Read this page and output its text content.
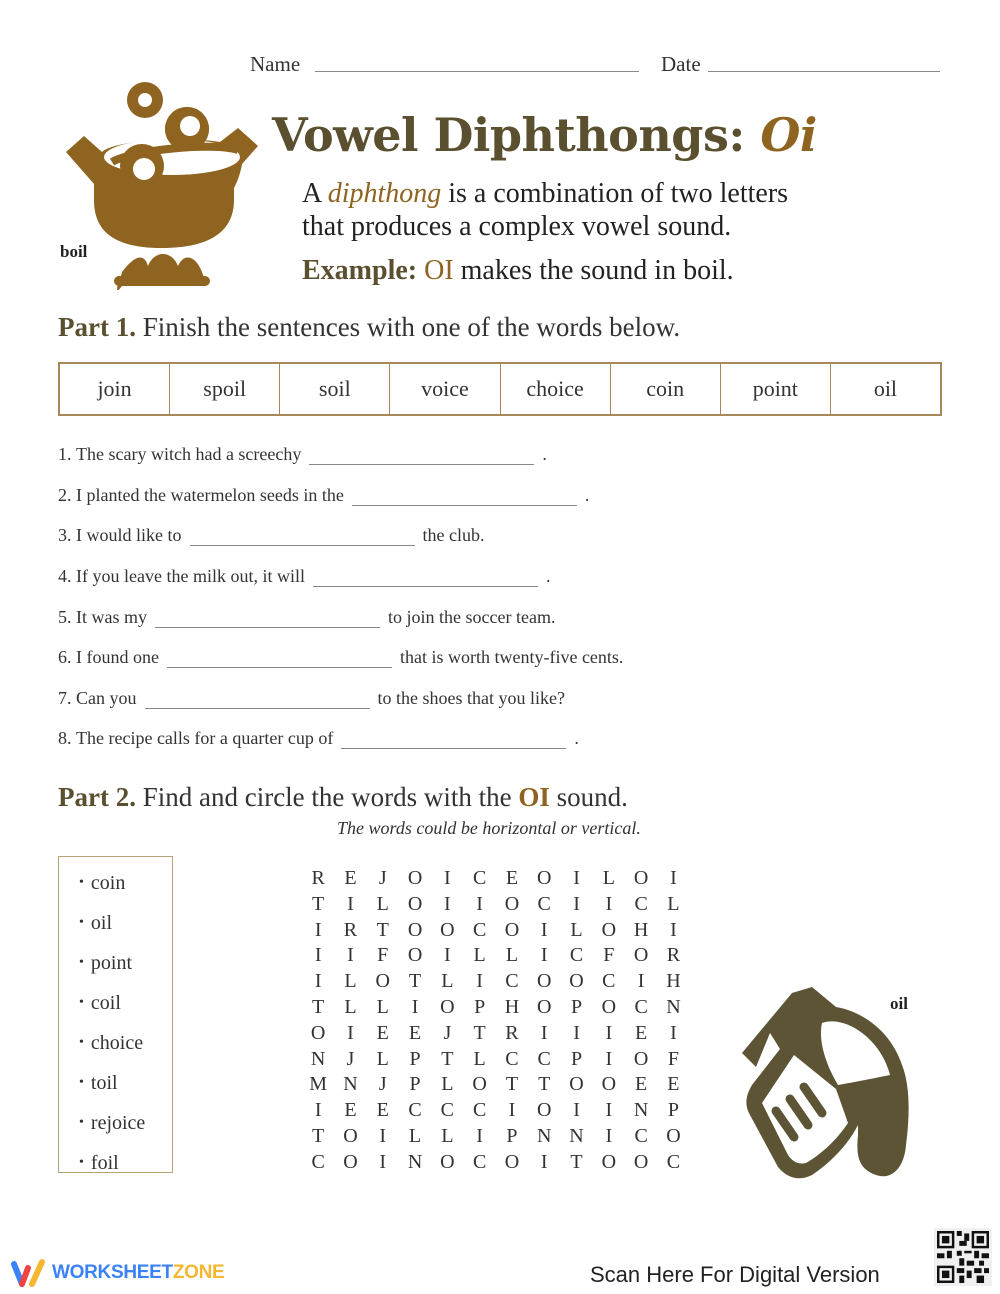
Name	Date
boil
Vowel Diphthongs: Oi
A diphthong is a combination of two letters
that produces a complex vowel sound.
Example: OI makes the sound in boil.
Part 1. Finish the sentences with one of the words below.
join	spoil	soil	voice	choice	coin	point	oil
1.
The scary witch had a screechy	.
2.
I planted the watermelon seeds in the	.
3.
I would like to	the club.
4.
If you leave the milk out, it will	.
5.
It was my	to join the soccer team.
6.
I found one	that is worth twenty-five cents.
7.
Can you	to the shoes that you like?
8.
The recipe calls for a quarter cup of	.
Part 2. Find and circle the words with the OI sound.
The words could be horizontal or vertical.
• coin
• oil
• point
• coil
• choice
• toil
• rejoice
• foil
R E	J	O	I	C E O	I	L O	I
T	I	L O	I	I	O C	I	I	C L
I	R T O O C O	I	L O H	I
I	I	F O	I	L	L	I	C	F O R
I	L O T	L	I	C O O C	I	H
T	L	L	I	O P H O P O C N
O	I	E	E	J	T R	I	I	I	E	I
N	J	L	P	T	L C C	P	I	O F
M N	J	P	L O T	T O O E	E
I	E	E C C C	I	O	I	I	N P
T O	I	L	L	I	P N N	I	C O
C O	I	N O C O	I	T O O C
oil
WORKSHEETZONE	Scan Here For Digital Version
